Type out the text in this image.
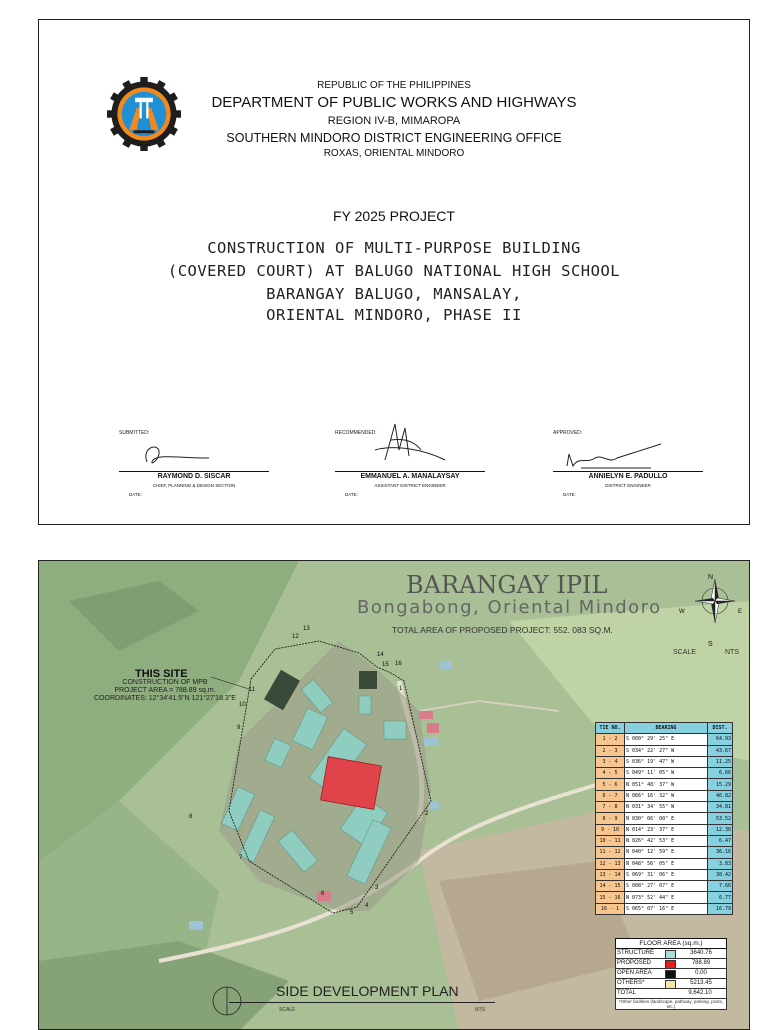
REPUBLIC OF THE PHILIPPINES

DEPARTMENT OF PUBLIC WORKS AND HIGHWAYS

REGION IV-B, MIMAROPA

SOUTHERN MINDORO DISTRICT ENGINEERING OFFICE

ROXAS, ORIENTAL MINDORO

FY 2025 PROJECT
CONSTRUCTION OF MULTI-PURPOSE BUILDING
(COVERED COURT) AT BALUGO NATIONAL HIGH SCHOOL
BARANGAY BALUGO, MANSALAY,
ORIENTAL MINDORO, PHASE II
SUBMITTED:
RAYMOND D. SISCAR
CHIEF, PLANNING & DESIGN SECTION
DATE:
RECOMMENDED:
EMMANUEL A. MANALAYSAY
ASSISTANT DISTRICT ENGINEER
DATE:
APPROVED:
ANNIELYN E. PADULLO
DISTRICT ENGINEER
DATE:
BARANGAY IPIL
Bongabong, Oriental Mindoro
TOTAL AREA OF PROPOSED PROJECT: 552. 083 SQ.M.
N
W	E
S
SCALE	NTS
THIS SITE
CONSTRUCTION OF MPB
PROJECT AREA = 788.89 sq.m.
COORDINATES: 12°34'41.5"N 121°27'18.3"E
1
2
3
4
5
6
7
8
9
10
11
12
13
14
15 16
TIE NO.	BEARING	DIST.
1 - 2	S 000° 29' 25" E	64.93
2 - 3	S 034° 22' 27" W	43.67
3 - 4	S 036° 19' 47" W	11.25
4 - 5	S 049° 11' 05" W	6.66
5 - 6	N 051° 48' 37" W	15.29
6 - 7	N 066° 16' 32" W	46.82
7 - 8	N 031° 34' 55" W	34.81
8 - 9	N 030° 06' 00" E	53.52
9 - 10	N 014° 23' 37" E	12.30
10 - 11	N 026° 42' 53" E	6.47
11 - 12	N 040° 12' 59" E	36.16
12 - 13	N 048° 56' 05" E	3.83
13 - 14	S 069° 31' 06" E	38.42
14 - 15	S 008° 27' 07" E	7.66
15 - 16	N 073° 52' 44" E	6.77
16 - 1	S 065° 07' 16" E	16.79
FLOOR AREA (sq.m.)
STRUCTURE	3640.76
PROPOSED	788.89
OPEN AREA	0.00
OTHERS*	5213.45
TOTAL	9,642.10
*Other facilities (landscape, pathway, parking, posts, etc.)
SIDE DEVELOPMENT PLAN
SCALE	NTS
